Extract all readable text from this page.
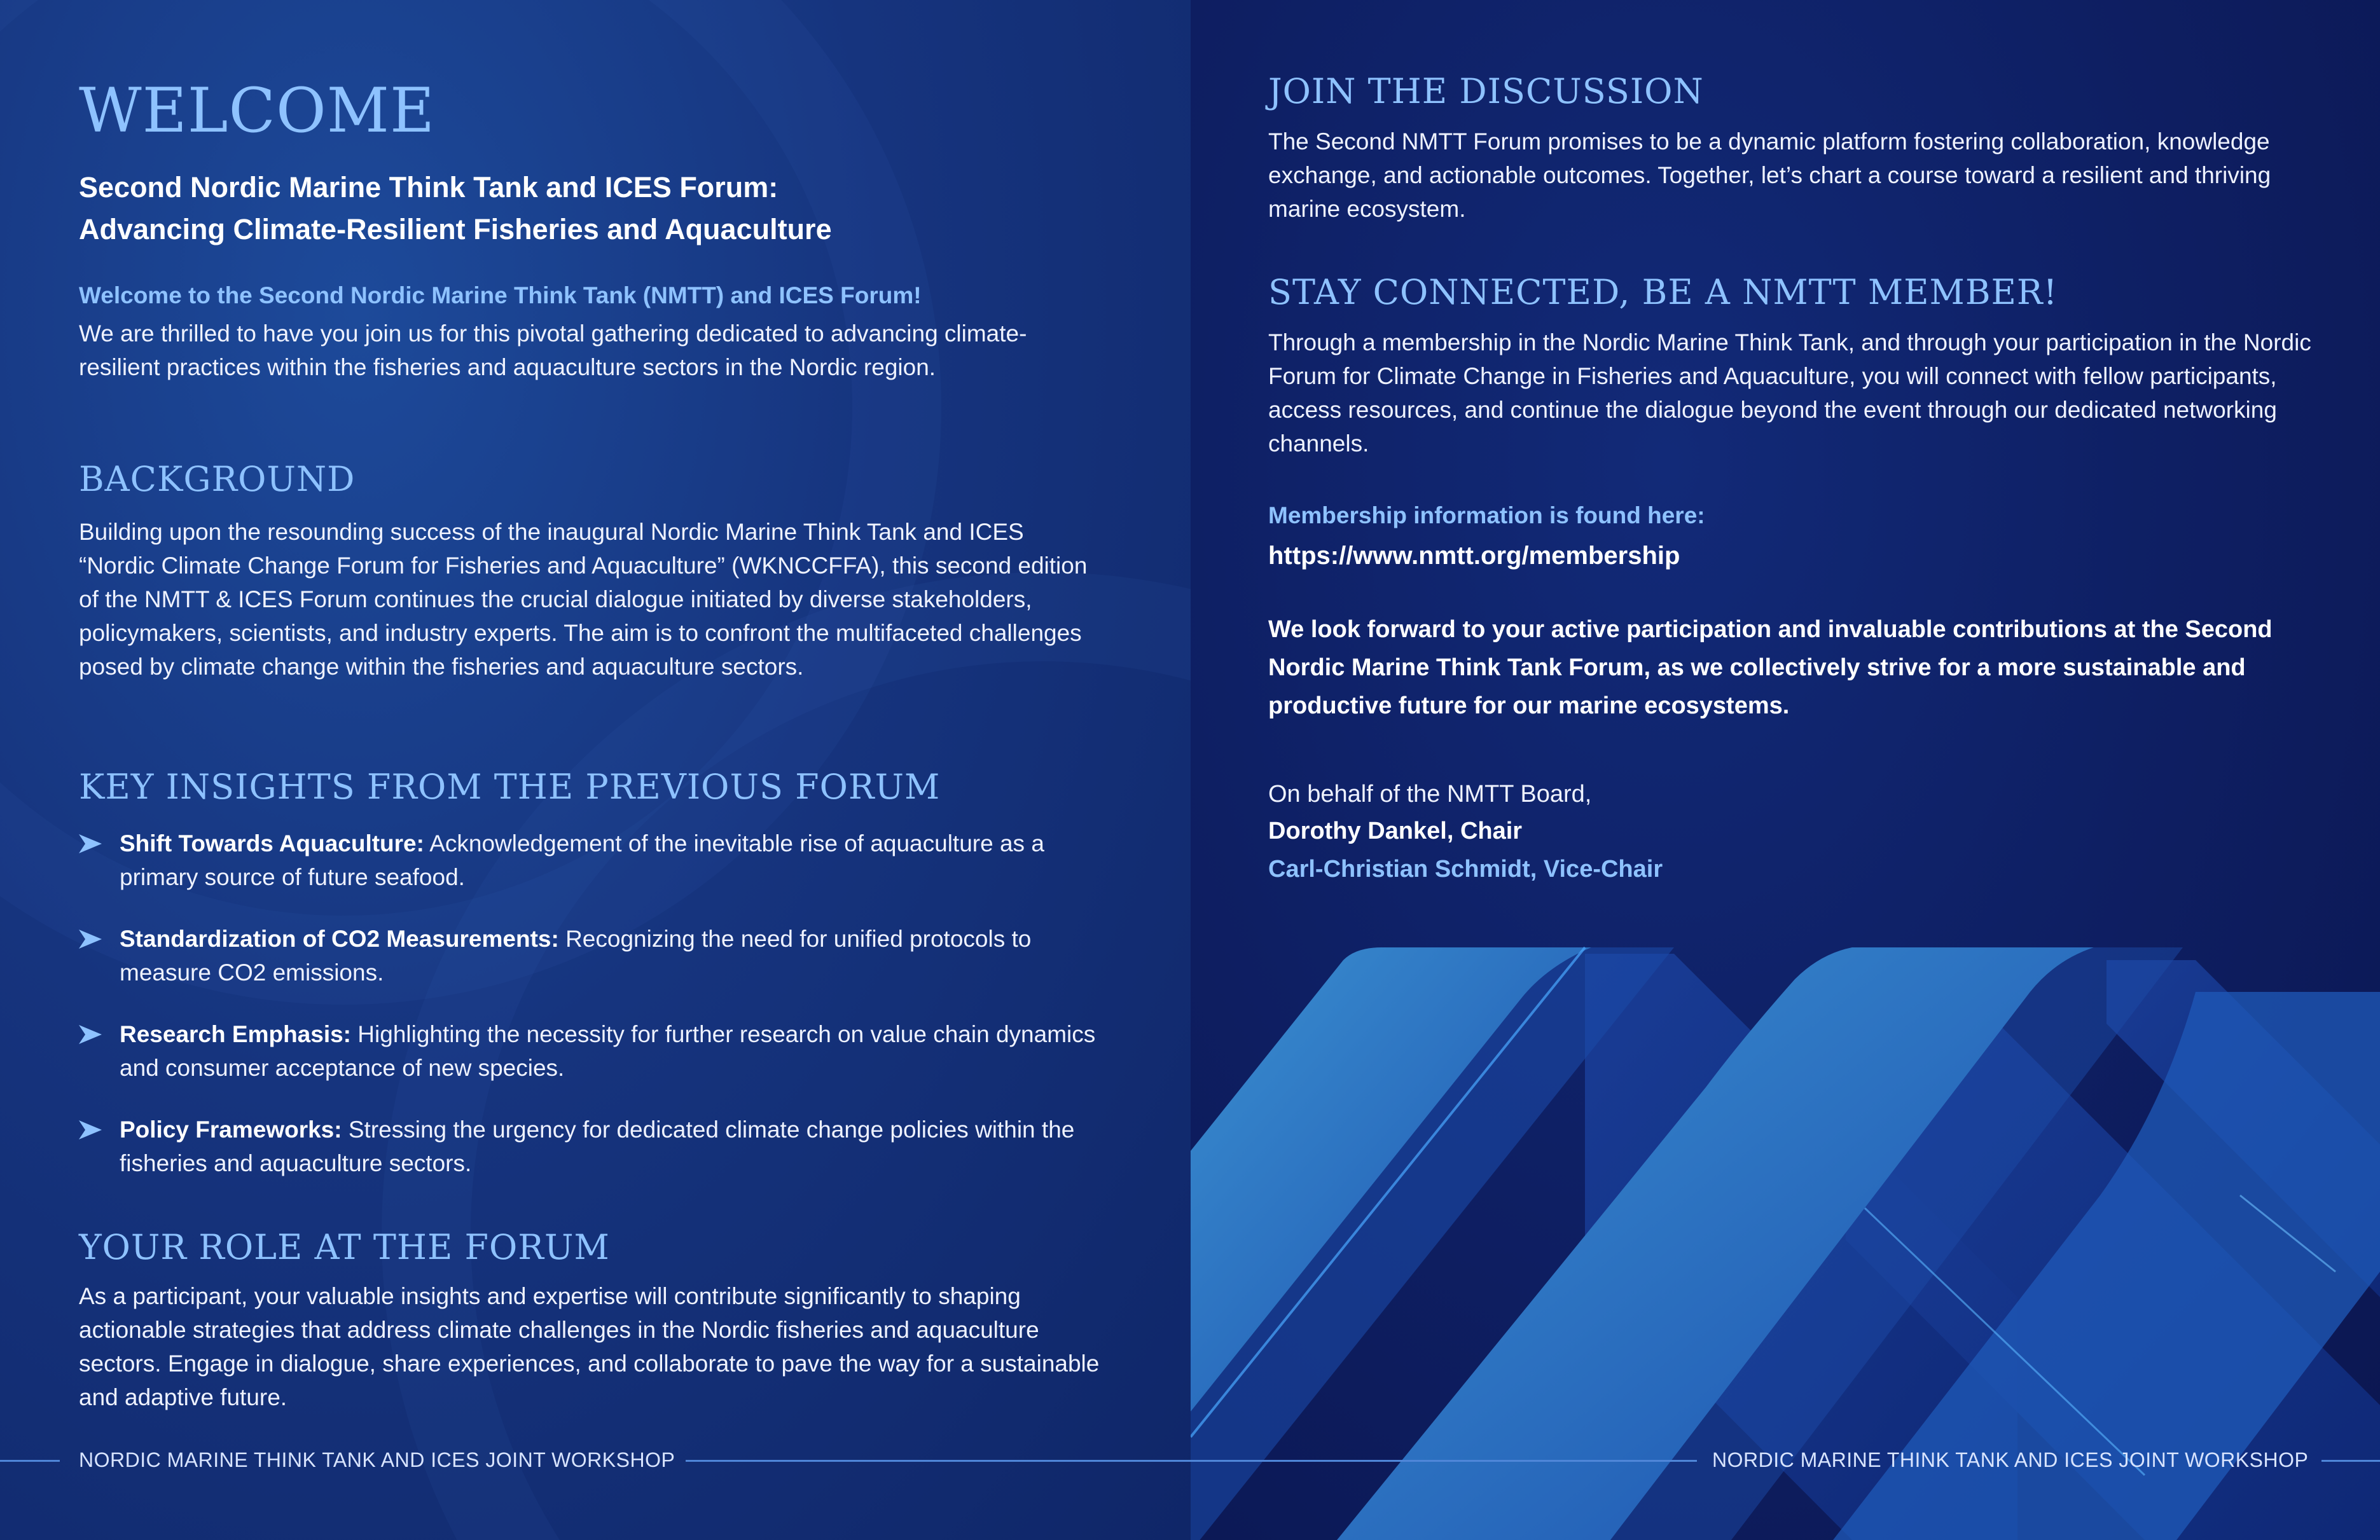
WELCOME

Second Nordic Marine Think Tank and ICES Forum:

Advancing Climate-Resilient Fisheries and Aquaculture

Welcome to the Second Nordic Marine Think Tank (NMTT) and ICES Forum!

We are thrilled to have you join us for this pivotal gathering dedicated to advancing climate-resilient practices within the fisheries and aquaculture sectors in the Nordic region.

BACKGROUND

Building upon the resounding success of the inaugural Nordic Marine Think Tank and ICES “Nordic Climate Change Forum for Fisheries and Aquaculture” (WKNCCFFA), this second edition of the NMTT & ICES Forum continues the crucial dialogue initiated by diverse stakeholders, policymakers, scientists, and industry experts. The aim is to confront the multifaceted challenges posed by climate change within the fisheries and aquaculture sectors.

KEY INSIGHTS FROM THE PREVIOUS FORUM
Shift Towards Aquaculture: Acknowledgement of the inevitable rise of aquaculture as a primary source of future seafood.
Standardization of CO2 Measurements: Recognizing the need for unified protocols to measure CO2 emissions.
Research Emphasis: Highlighting the necessity for further research on value chain dynamics and consumer acceptance of new species.
Policy Frameworks: Stressing the urgency for dedicated climate change policies within the fisheries and aquaculture sectors.
YOUR ROLE AT THE FORUM

As a participant, your valuable insights and expertise will contribute significantly to shaping actionable strategies that address climate challenges in the Nordic fisheries and aquaculture sectors. Engage in dialogue, share experiences, and collaborate to pave the way for a sustainable and adaptive future.

NORDIC MARINE THINK TANK AND ICES JOINT WORKSHOP
JOIN THE DISCUSSION

The Second NMTT Forum promises to be a dynamic platform fostering collaboration, knowledge exchange, and actionable outcomes. Together, let’s chart a course toward a resilient and thriving marine ecosystem.

STAY CONNECTED, BE A NMTT MEMBER!

Through a membership in the Nordic Marine Think Tank, and through your participation in the Nordic Forum for Climate Change in Fisheries and Aquaculture, you will connect with fellow participants, access resources, and continue the dialogue beyond the event through our dedicated networking channels.

Membership information is found here:

https://www.nmtt.org/membership

We look forward to your active participation and invaluable contributions at the Second Nordic Marine Think Tank Forum, as we collectively strive for a more sustainable and productive future for our marine ecosystems.

On behalf of the NMTT Board,
Dorothy Dankel, Chair
Carl-Christian Schmidt, Vice-Chair
NORDIC MARINE THINK TANK AND ICES JOINT WORKSHOP
